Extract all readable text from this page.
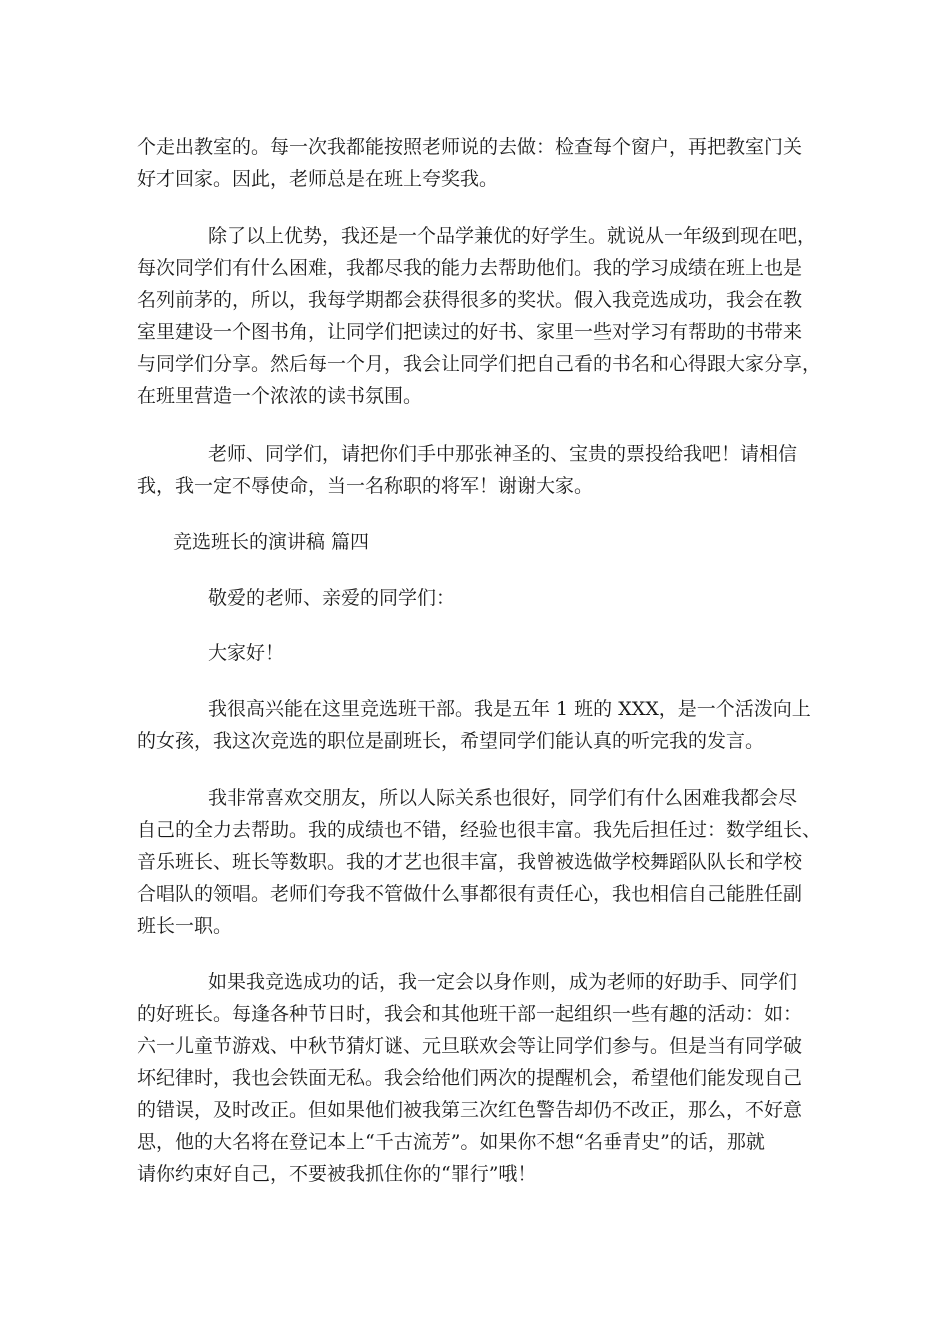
个走出教室的。每一次我都能按照老师说的去做：检查每个窗户，再把教室门关
好才回家。因此，老师总是在班上夸奖我。
除了以上优势，我还是一个品学兼优的好学生。就说从一年级到现在吧，
每次同学们有什么困难，我都尽我的能力去帮助他们。我的学习成绩在班上也是
名列前茅的，所以，我每学期都会获得很多的奖状。假入我竞选成功，我会在教
室里建设一个图书角，让同学们把读过的好书、家里一些对学习有帮助的书带来
与同学们分享。然后每一个月，我会让同学们把自己看的书名和心得跟大家分享，
在班里营造一个浓浓的读书氛围。
老师、同学们，请把你们手中那张神圣的、宝贵的票投给我吧！请相信
我，我一定不辱使命，当一名称职的将军！谢谢大家。
竞选班长的演讲稿 篇四
敬爱的老师、亲爱的同学们：
大家好！
我很高兴能在这里竞选班干部。我是五年 1 班的 XXX，是一个活泼向上
的女孩，我这次竞选的职位是副班长，希望同学们能认真的听完我的发言。
我非常喜欢交朋友，所以人际关系也很好，同学们有什么困难我都会尽
自己的全力去帮助。我的成绩也不错，经验也很丰富。我先后担任过：数学组长、
音乐班长、班长等数职。我的才艺也很丰富，我曾被选做学校舞蹈队队长和学校
合唱队的领唱。老师们夸我不管做什么事都很有责任心，我也相信自己能胜任副
班长一职。
如果我竞选成功的话，我一定会以身作则，成为老师的好助手、同学们
的好班长。每逢各种节日时，我会和其他班干部一起组织一些有趣的活动：如：
六一儿童节游戏、中秋节猜灯谜、元旦联欢会等让同学们参与。但是当有同学破
坏纪律时，我也会铁面无私。我会给他们两次的提醒机会，希望他们能发现自己
的错误，及时改正。但如果他们被我第三次红色警告却仍不改正，那么，不好意
思，他的大名将在登记本上“千古流芳”。如果你不想“名垂青史”的话，那就
请你约束好自己，不要被我抓住你的“罪行”哦！
